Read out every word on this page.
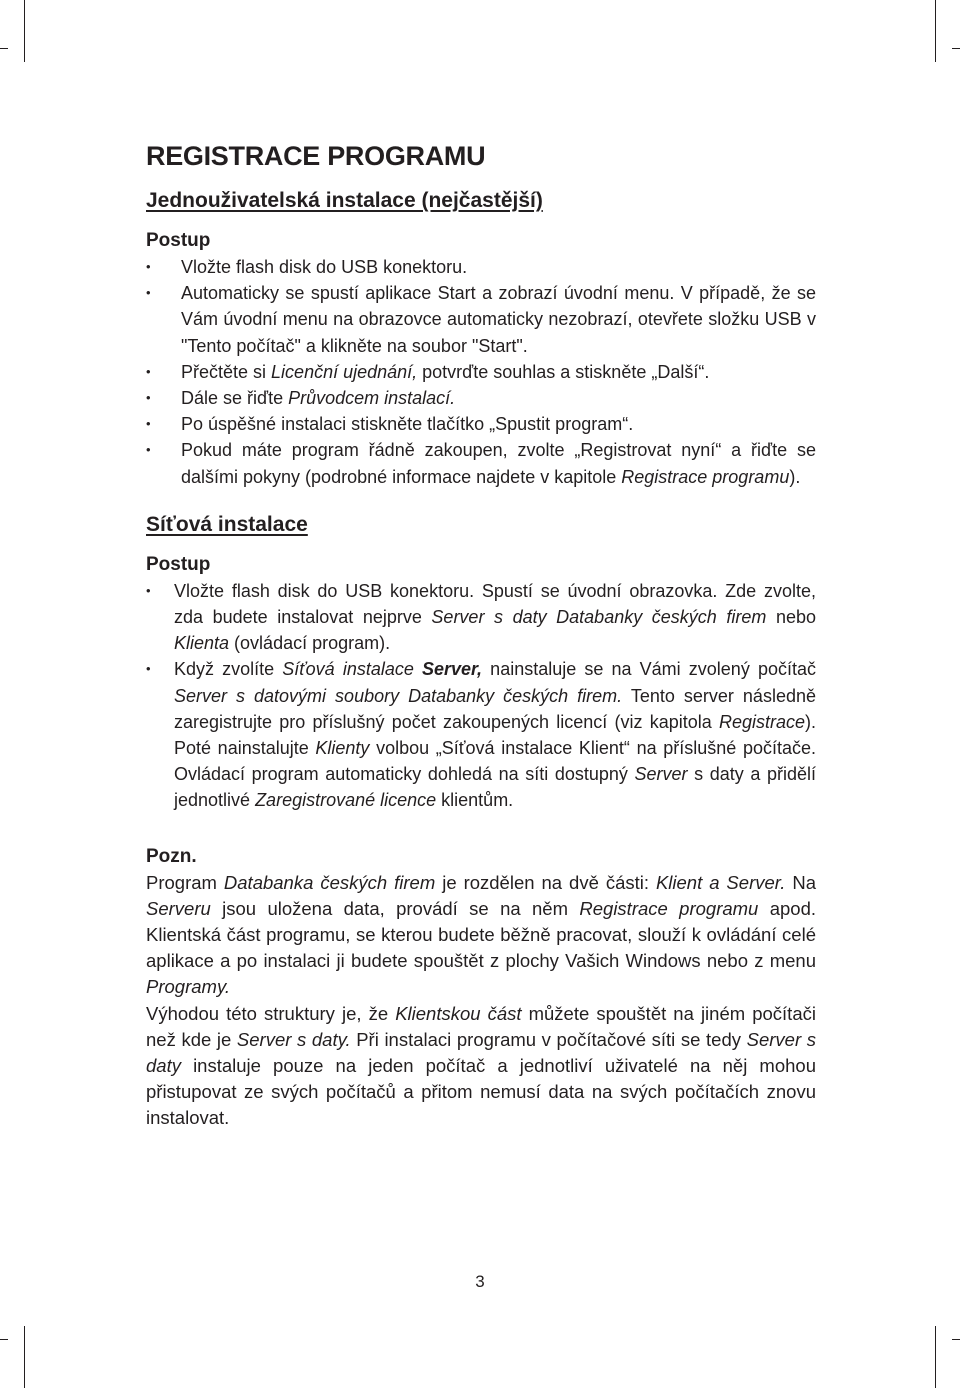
REGISTRACE PROGRAMU
Jednouživatelská instalace (nejčastější)

Postup

• Vložte flash disk do USB konektoru.
• Automaticky se spustí aplikace Start a zobrazí úvodní menu. V případě, že se Vám úvodní menu na obrazovce automaticky nezobrazí, otevřete složku USB v "Tento počítač" a klikněte na soubor "Start".
• Přečtěte si Licenční ujednání, potvrďte souhlas a stiskněte „Další“.
• Dále se řiďte Průvodcem instalací.
• Po úspěšné instalaci stiskněte tlačítko „Spustit program“.
• Pokud máte program řádně zakoupen, zvolte „Registrovat nyní“ a řiďte se dalšími pokyny (podrobné informace najdete v kapitole Registrace programu).
Síťová instalace

Postup

• Vložte flash disk do USB konektoru. Spustí se úvodní obrazovka. Zde zvolte, zda budete instalovat nejprve Server s daty Databanky českých firem nebo Klienta (ovládací program).
• Když zvolíte Síťová instalace Server, nainstaluje se na Vámi zvolený počítač Server s datovými soubory Databanky českých firem. Tento server následně zaregistrujte pro příslušný počet zakoupených licencí (viz kapitola Registrace). Poté nainstalujte Klienty volbou „Síťová instalace Klient“ na příslušné počítače. Ovládací program automaticky dohledá na síti dostupný Server s daty a přidělí jednotlivé Zaregistrované licence klientům.

Pozn.

Program Databanka českých firem je rozdělen na dvě části: Klient a Server. Na Serveru jsou uložena data, provádí se na něm Registrace programu apod. Klientská část programu, se kterou budete běžně pracovat, slouží k ovládání celé aplikace a po instalaci ji budete spouštět z plochy Vašich Windows nebo z menu Programy.

Výhodou této struktury je, že Klientskou část můžete spouštět na jiném počítači než kde je Server s daty. Při instalaci programu v počítačové síti se tedy Server s daty instaluje pouze na jeden počítač a jednotliví uživatelé na něj mohou přistupovat ze svých počítačů a přitom nemusí data na svých počítačích znovu instalovat.

3
